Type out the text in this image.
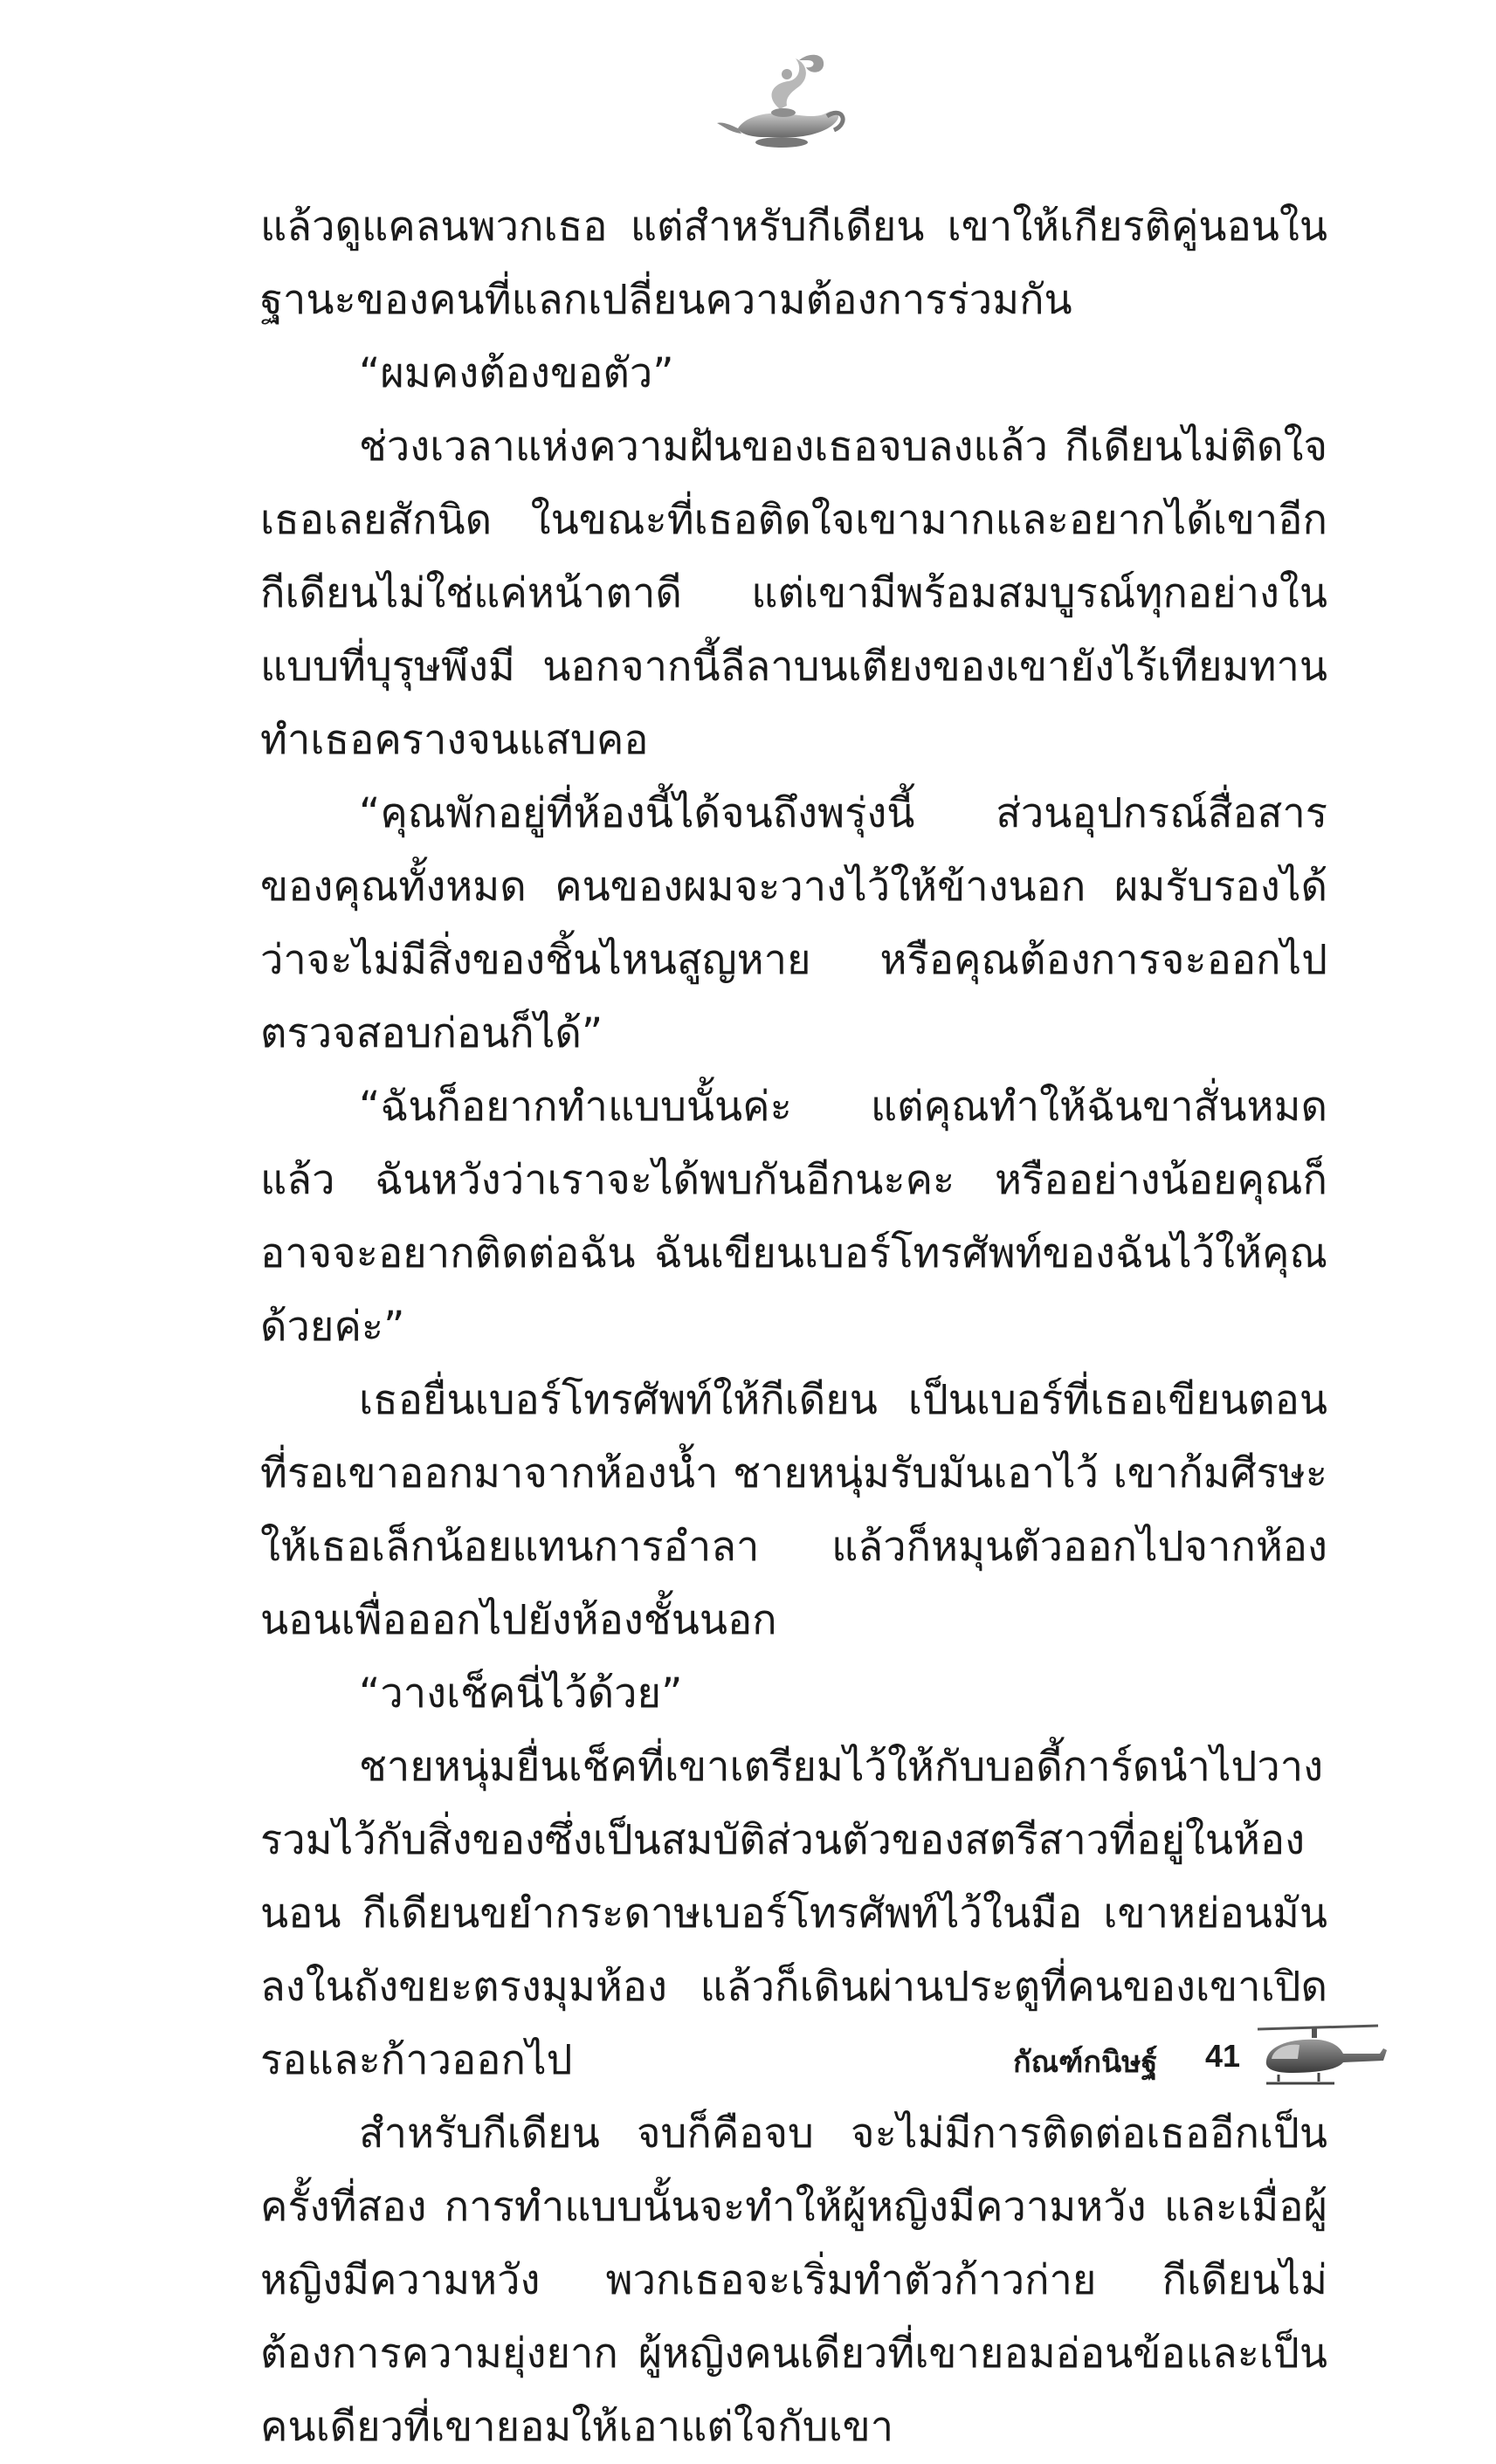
แล้วดูแคลนพวกเธอ แต่สำหรับกีเดียน เขาให้เกียรติคู่นอนในฐานะของคนที่แลกเปลี่ยนความต้องการร่วมกัน

“ผมคงต้องขอตัว”

ช่วงเวลาแห่งความฝันของเธอจบลงแล้ว กีเดียนไม่ติดใจเธอเลยสักนิด ในขณะที่เธอติดใจเขามากและอยากได้เขาอีก กีเดียนไม่ใช่แค่หน้าตาดี แต่เขามีพร้อมสมบูรณ์ทุกอย่างในแบบที่บุรุษพึงมี นอกจากนี้ลีลาบนเตียงของเขายังไร้เทียมทาน ทำเธอครางจนแสบคอ

“คุณพักอยู่ที่ห้องนี้ได้จนถึงพรุ่งนี้ ส่วนอุปกรณ์สื่อสารของคุณทั้งหมด คนของผมจะวางไว้ให้ข้างนอก ผมรับรองได้ว่าจะไม่มีสิ่งของชิ้นไหนสูญหาย หรือคุณต้องการจะออกไปตรวจสอบก่อนก็ได้”

“ฉันก็อยากทำแบบนั้นค่ะ แต่คุณทำให้ฉันขาสั่นหมดแล้ว ฉันหวังว่าเราจะได้พบกันอีกนะคะ หรืออย่างน้อยคุณก็อาจจะอยากติดต่อฉัน ฉันเขียนเบอร์โทรศัพท์ของฉันไว้ให้คุณด้วยค่ะ”

เธอยื่นเบอร์โทรศัพท์ให้กีเดียน เป็นเบอร์ที่เธอเขียนตอนที่รอเขาออกมาจากห้องน้ำ ชายหนุ่มรับมันเอาไว้ เขาก้มศีรษะให้เธอเล็กน้อยแทนการอำลา แล้วก็หมุนตัวออกไปจากห้องนอนเพื่อออกไปยังห้องชั้นนอก

“วางเช็คนี่ไว้ด้วย”

ชายหนุ่มยื่นเช็คที่เขาเตรียมไว้ให้กับบอดี้การ์ดนำไปวางรวมไว้กับสิ่งของซึ่งเป็นสมบัติส่วนตัวของสตรีสาวที่อยู่ในห้องนอน กีเดียนขยำกระดาษเบอร์โทรศัพท์ไว้ในมือ เขาหย่อนมันลงในถังขยะตรงมุมห้อง แล้วก็เดินผ่านประตูที่คนของเขาเปิดรอและก้าวออกไป

สำหรับกีเดียน จบก็คือจบ จะไม่มีการติดต่อเธออีกเป็นครั้งที่สอง การทำแบบนั้นจะทำให้ผู้หญิงมีความหวัง และเมื่อผู้หญิงมีความหวัง พวกเธอจะเริ่มทำตัวก้าวก่าย กีเดียนไม่ต้องการความยุ่งยาก ผู้หญิงคนเดียวที่เขายอมอ่อนข้อและเป็นคนเดียวที่เขายอมให้เอาแต่ใจกับเขา

กัณฑ์กนิษฐ์ 41
